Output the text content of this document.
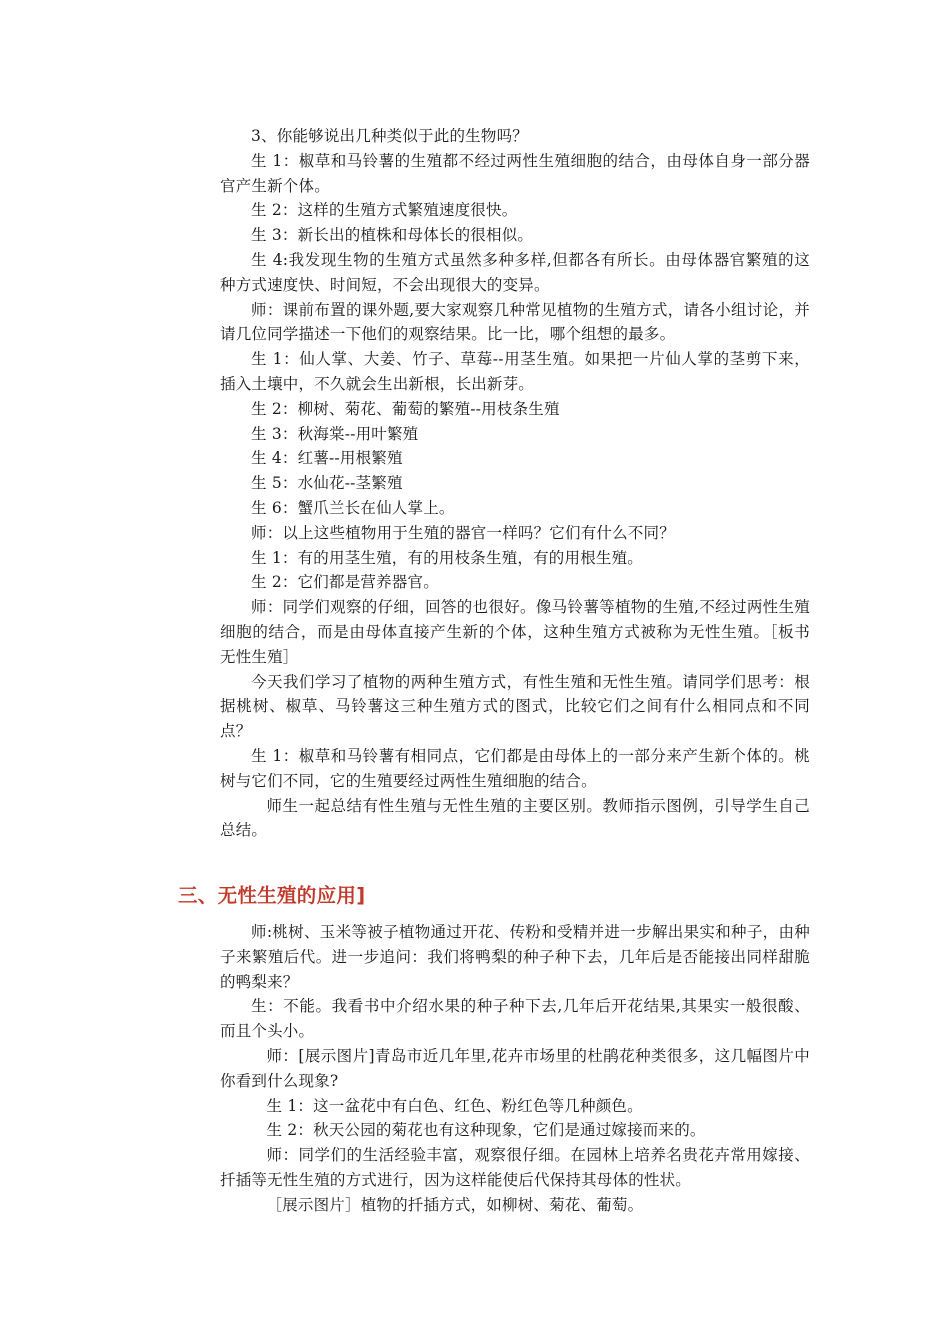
3、你能够说出几种类似于此的生物吗？

生 1：椒草和马铃薯的生殖都不经过两性生殖细胞的结合，由母体自身一部分器官产生新个体。

生 2：这样的生殖方式繁殖速度很快。

生 3：新长出的植株和母体长的很相似。

生 4:我发现生物的生殖方式虽然多种多样,但都各有所长。由母体器官繁殖的这种方式速度快、时间短，不会出现很大的变异。

师：课前布置的课外题,要大家观察几种常见植物的生殖方式，请各小组讨论，并请几位同学描述一下他们的观察结果。比一比，哪个组想的最多。

生 1：仙人掌、大姜、竹子、草莓--用茎生殖。如果把一片仙人掌的茎剪下来，插入土壤中，不久就会生出新根，长出新芽。

生 2：柳树、菊花、葡萄的繁殖--用枝条生殖

生 3：秋海棠--用叶繁殖

生 4：红薯--用根繁殖

生 5：水仙花--茎繁殖

生 6：蟹爪兰长在仙人掌上。

师：以上这些植物用于生殖的器官一样吗？它们有什么不同？

生 1：有的用茎生殖，有的用枝条生殖，有的用根生殖。

生 2：它们都是营养器官。

师：同学们观察的仔细，回答的也很好。像马铃薯等植物的生殖,不经过两性生殖细胞的结合，而是由母体直接产生新的个体，这种生殖方式被称为无性生殖。［板书 无性生殖］

今天我们学习了植物的两种生殖方式，有性生殖和无性生殖。请同学们思考：根据桃树、椒草、马铃薯这三种生殖方式的图式，比较它们之间有什么相同点和不同点？

生 1：椒草和马铃薯有相同点，它们都是由母体上的一部分来产生新个体的。桃树与它们不同，它的生殖要经过两性生殖细胞的结合。

师生一起总结有性生殖与无性生殖的主要区别。教师指示图例，引导学生自己总结。

三、无性生殖的应用]

师:桃树、玉米等被子植物通过开花、传粉和受精并进一步解出果实和种子，由种子来繁殖后代。进一步追问：我们将鸭梨的种子种下去，几年后是否能接出同样甜脆的鸭梨来？

生：不能。我看书中介绍水果的种子种下去,几年后开花结果,其果实一般很酸、而且个头小。

师：[展示图片]青岛市近几年里,花卉市场里的杜鹃花种类很多，这几幅图片中你看到什么现象?

生 1：这一盆花中有白色、红色、粉红色等几种颜色。

生 2：秋天公园的菊花也有这种现象，它们是通过嫁接而来的。

师：同学们的生活经验丰富，观察很仔细。在园林上培养名贵花卉常用嫁接、扦插等无性生殖的方式进行，因为这样能使后代保持其母体的性状。

［展示图片］植物的扦插方式，如柳树、菊花、葡萄。
